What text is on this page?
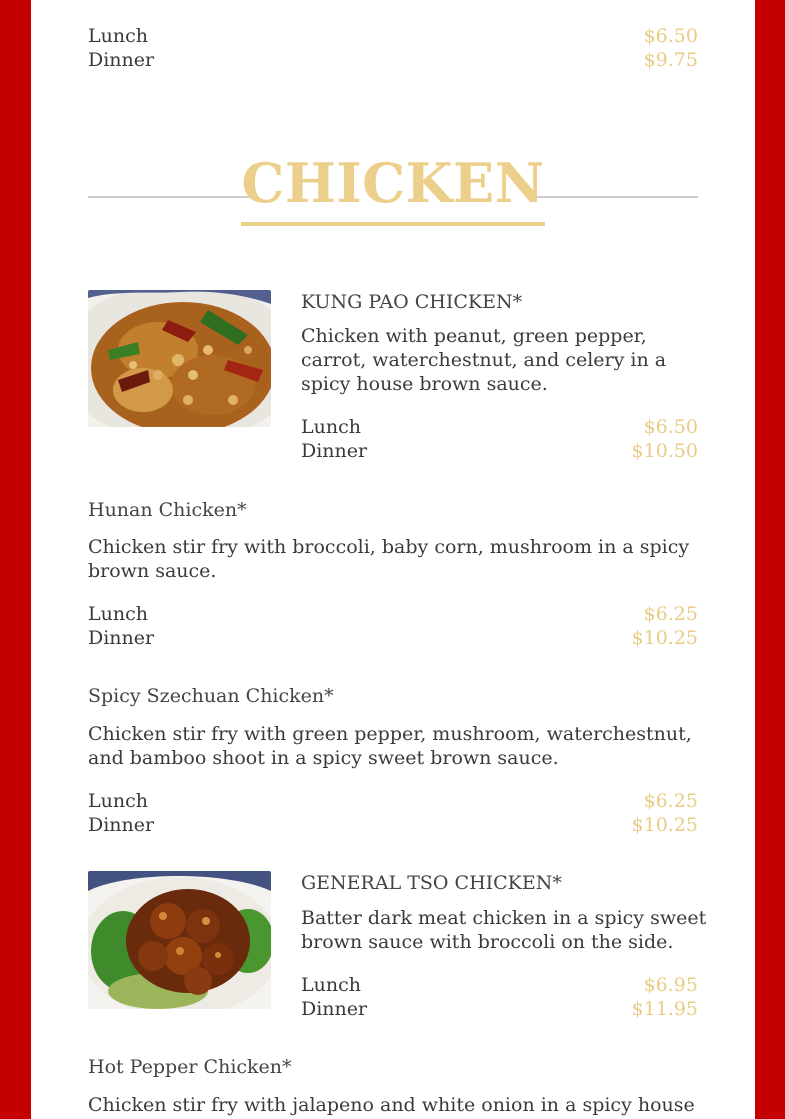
Lunch	$6.50
Dinner	$9.75
CHICKEN
KUNG PAO CHICKEN*
Chicken with peanut, green pepper,
carrot, waterchestnut, and celery in a
spicy house brown sauce.
Lunch	$6.50
Dinner	$10.50
Hunan Chicken*
Chicken stir fry with broccoli, baby corn, mushroom in a spicy
brown sauce.
Lunch	$6.25
Dinner	$10.25
Spicy Szechuan Chicken*
Chicken stir fry with green pepper, mushroom, waterchestnut,
and bamboo shoot in a spicy sweet brown sauce.
Lunch	$6.25
Dinner	$10.25
GENERAL TSO CHICKEN*
Batter dark meat chicken in a spicy sweet
brown sauce with broccoli on the side.
Lunch	$6.95
Dinner	$11.95
Hot Pepper Chicken*
Chicken stir fry with jalapeno and white onion in a spicy house
